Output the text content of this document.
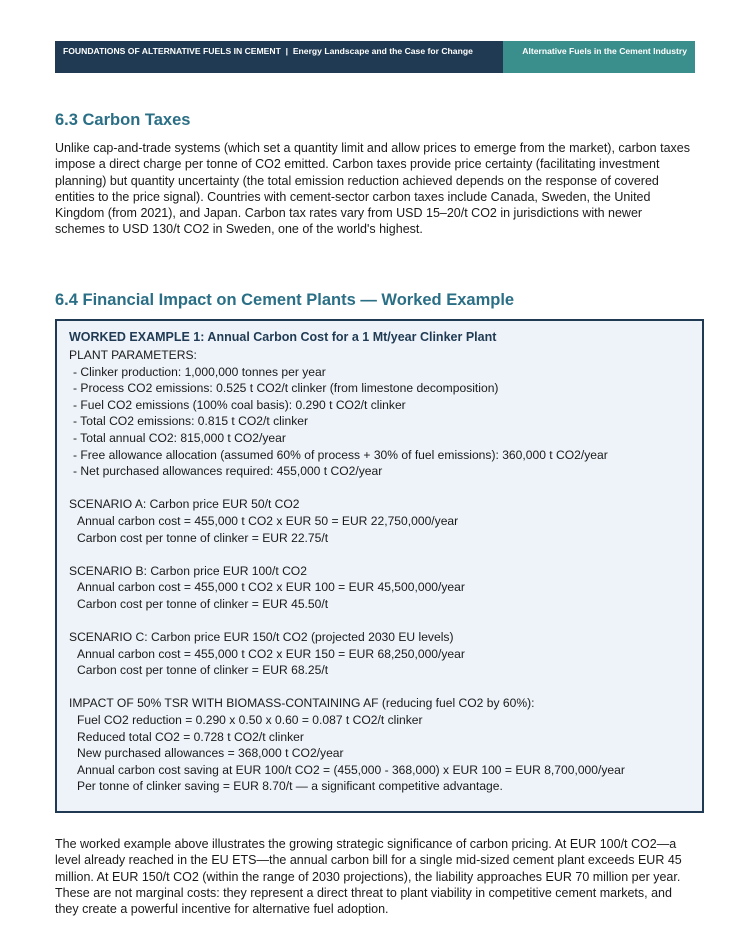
FOUNDATIONS OF ALTERNATIVE FUELS IN CEMENT | Energy Landscape and the Case for Change	Alternative Fuels in the Cement Industry
6.3 Carbon Taxes

Unlike cap-and-trade systems (which set a quantity limit and allow prices to emerge from the market), carbon taxes impose a direct charge per tonne of CO2 emitted. Carbon taxes provide price certainty (facilitating investment planning) but quantity uncertainty (the total emission reduction achieved depends on the response of covered entities to the price signal). Countries with cement-sector carbon taxes include Canada, Sweden, the United Kingdom (from 2021), and Japan. Carbon tax rates vary from USD 15–20/t CO2 in jurisdictions with newer schemes to USD 130/t CO2 in Sweden, one of the world's highest.

6.4 Financial Impact on Cement Plants — Worked Example
WORKED EXAMPLE 1: Annual Carbon Cost for a 1 Mt/year Clinker Plant
PLANT PARAMETERS:
- Clinker production: 1,000,000 tonnes per year
- Process CO2 emissions: 0.525 t CO2/t clinker (from limestone decomposition)
- Fuel CO2 emissions (100% coal basis): 0.290 t CO2/t clinker
- Total CO2 emissions: 0.815 t CO2/t clinker
- Total annual CO2: 815,000 t CO2/year
- Free allowance allocation (assumed 60% of process + 30% of fuel emissions): 360,000 t CO2/year
- Net purchased allowances required: 455,000 t CO2/year
SCENARIO A: Carbon price EUR 50/t CO2
Annual carbon cost = 455,000 t CO2 x EUR 50 = EUR 22,750,000/year
Carbon cost per tonne of clinker = EUR 22.75/t
SCENARIO B: Carbon price EUR 100/t CO2
Annual carbon cost = 455,000 t CO2 x EUR 100 = EUR 45,500,000/year
Carbon cost per tonne of clinker = EUR 45.50/t
SCENARIO C: Carbon price EUR 150/t CO2 (projected 2030 EU levels)
Annual carbon cost = 455,000 t CO2 x EUR 150 = EUR 68,250,000/year
Carbon cost per tonne of clinker = EUR 68.25/t
IMPACT OF 50% TSR WITH BIOMASS-CONTAINING AF (reducing fuel CO2 by 60%):
Fuel CO2 reduction = 0.290 x 0.50 x 0.60 = 0.087 t CO2/t clinker
Reduced total CO2 = 0.728 t CO2/t clinker
New purchased allowances = 368,000 t CO2/year
Annual carbon cost saving at EUR 100/t CO2 = (455,000 - 368,000) x EUR 100 = EUR 8,700,000/year
Per tonne of clinker saving = EUR 8.70/t — a significant competitive advantage.

The worked example above illustrates the growing strategic significance of carbon pricing. At EUR 100/t CO2—a level already reached in the EU ETS—the annual carbon bill for a single mid-sized cement plant exceeds EUR 45 million. At EUR 150/t CO2 (within the range of 2030 projections), the liability approaches EUR 70 million per year. These are not marginal costs: they represent a direct threat to plant viability in competitive cement markets, and they create a powerful incentive for alternative fuel adoption.
